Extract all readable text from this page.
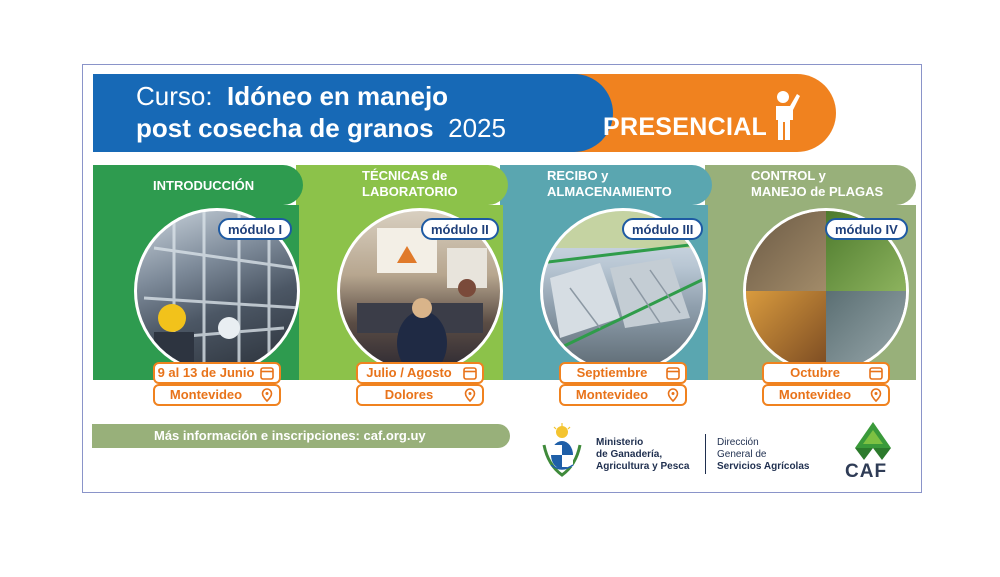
Curso: Idóneo en manejo
post cosecha de granos 2025	PRESENCIAL
INTRODUCCIÓN
TÉCNICAS de
LABORATORIO
RECIBO y
ALMACENAMIENTO
CONTROL y
MANEJO de PLAGAS
módulo I	módulo II	módulo III	módulo IV
9 al 13 de Junio	Julio / Agosto	Septiembre	Octubre
Montevideo	Dolores	Montevideo	Montevideo
Más información e inscripciones: caf.org.uy	Ministerio
de Ganadería,
Agricultura y Pesca
Dirección
General de
Servicios Agrícolas CAF
